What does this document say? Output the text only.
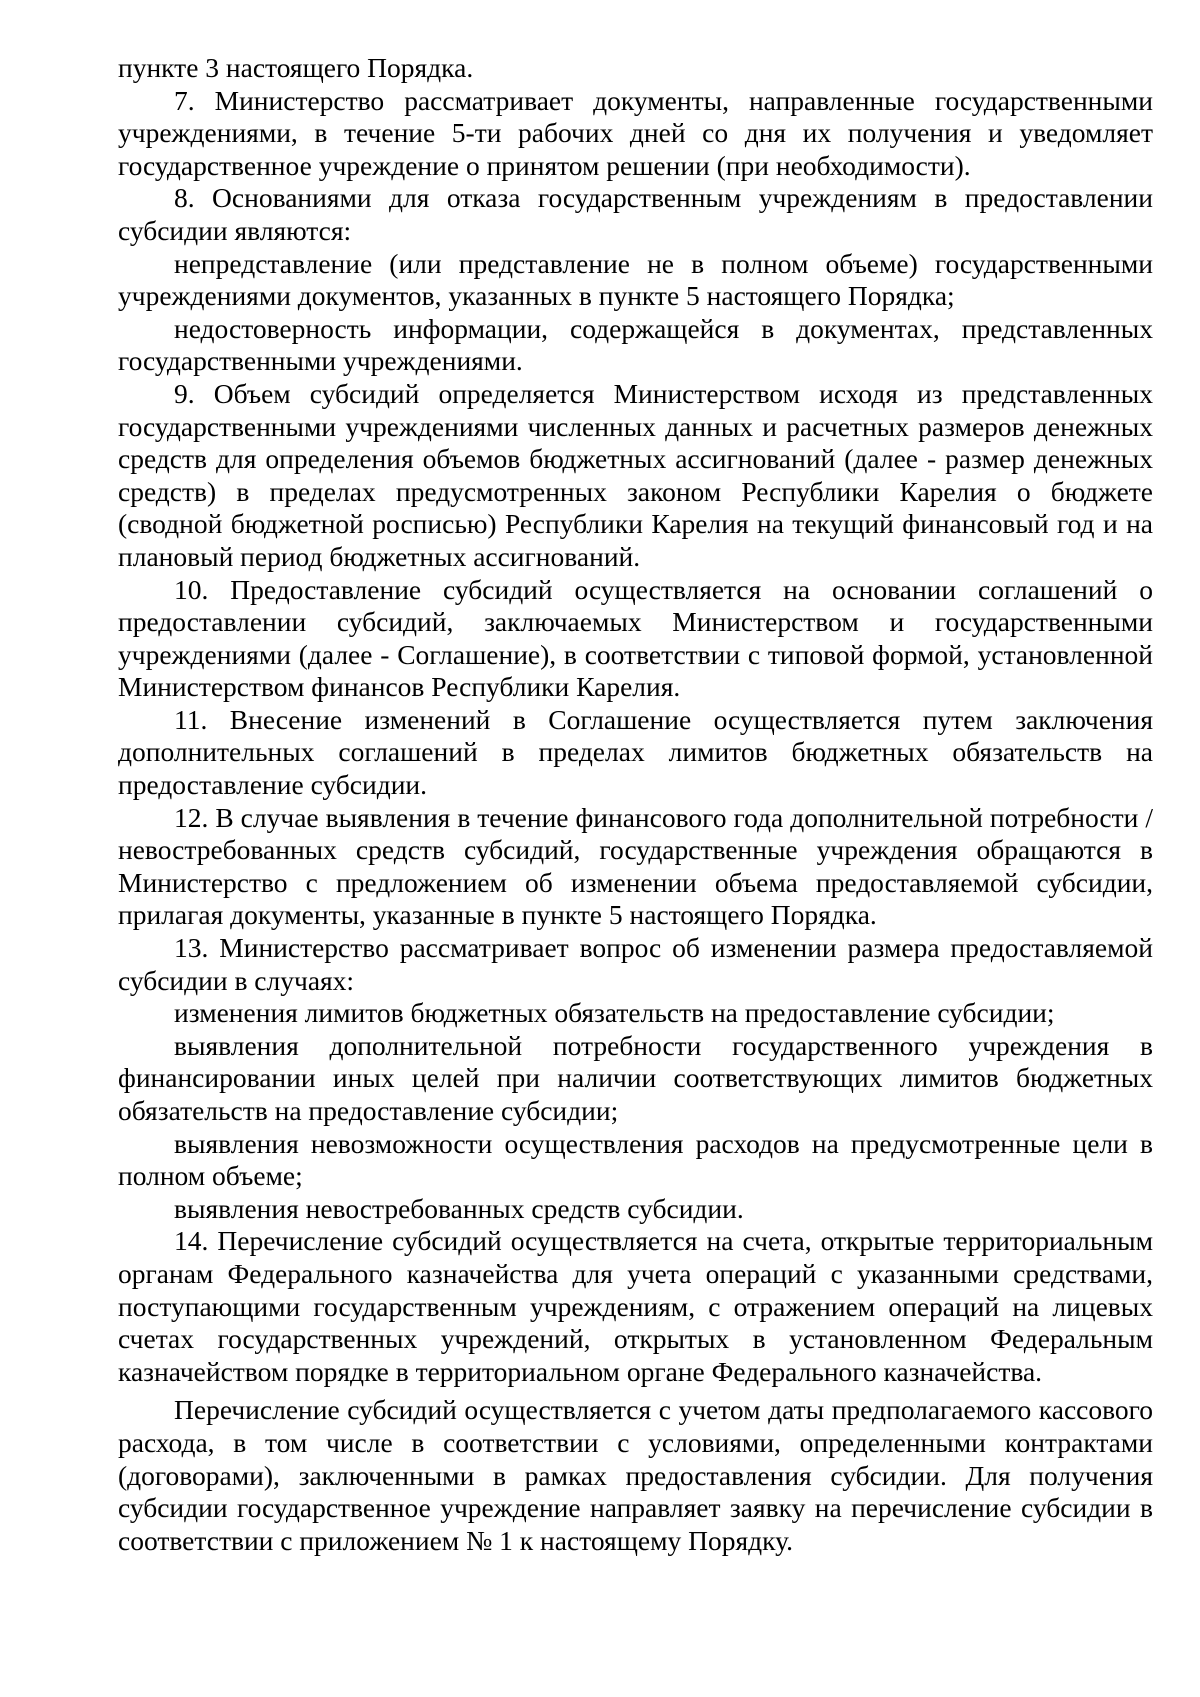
пункте 3 настоящего Порядка.

7. Министерство рассматривает документы, направленные государственными учреждениями, в течение 5-ти рабочих дней со дня их получения и уведомляет государственное учреждение о принятом решении (при необходимости).

8. Основаниями для отказа государственным учреждениям в предоставлении субсидии являются:

непредставление (или представление не в полном объеме) государственными учреждениями документов, указанных в пункте 5 настоящего Порядка;

недостоверность информации, содержащейся в документах, представленных государственными учреждениями.

9. Объем субсидий определяется Министерством исходя из представленных государственными учреждениями численных данных и расчетных размеров денежных средств для определения объемов бюджетных ассигнований (далее - размер денежных средств) в пределах предусмотренных законом Республики Карелия о бюджете (сводной бюджетной росписью) Республики Карелия на текущий финансовый год и на плановый период бюджетных ассигнований.

10. Предоставление субсидий осуществляется на основании соглашений о предоставлении субсидий, заключаемых Министерством и государственными учреждениями (далее - Соглашение), в соответствии с типовой формой, установленной Министерством финансов Республики Карелия.

11. Внесение изменений в Соглашение осуществляется путем заключения дополнительных соглашений в пределах лимитов бюджетных обязательств на предоставление субсидии.

12. В случае выявления в течение финансового года дополнительной потребности / невостребованных средств субсидий, государственные учреждения обращаются в Министерство с предложением об изменении объема предоставляемой субсидии, прилагая документы, указанные в пункте 5 настоящего Порядка.

13. Министерство рассматривает вопрос об изменении размера предоставляемой субсидии в случаях:

изменения лимитов бюджетных обязательств на предоставление субсидии;

выявления дополнительной потребности государственного учреждения в финансировании иных целей при наличии соответствующих лимитов бюджетных обязательств на предоставление субсидии;

выявления невозможности осуществления расходов на предусмотренные цели в полном объеме;

выявления невостребованных средств субсидии.

14. Перечисление субсидий осуществляется на счета, открытые территориальным органам Федерального казначейства для учета операций с указанными средствами, поступающими государственным учреждениям, с отражением операций на лицевых счетах государственных учреждений, открытых в установленном Федеральным казначейством порядке в территориальном органе Федерального казначейства.

Перечисление субсидий осуществляется с учетом даты предполагаемого кассового расхода, в том числе в соответствии с условиями, определенными контрактами (договорами), заключенными в рамках предоставления субсидии. Для получения субсидии государственное учреждение направляет заявку на перечисление субсидии в соответствии с приложением № 1 к настоящему Порядку.
